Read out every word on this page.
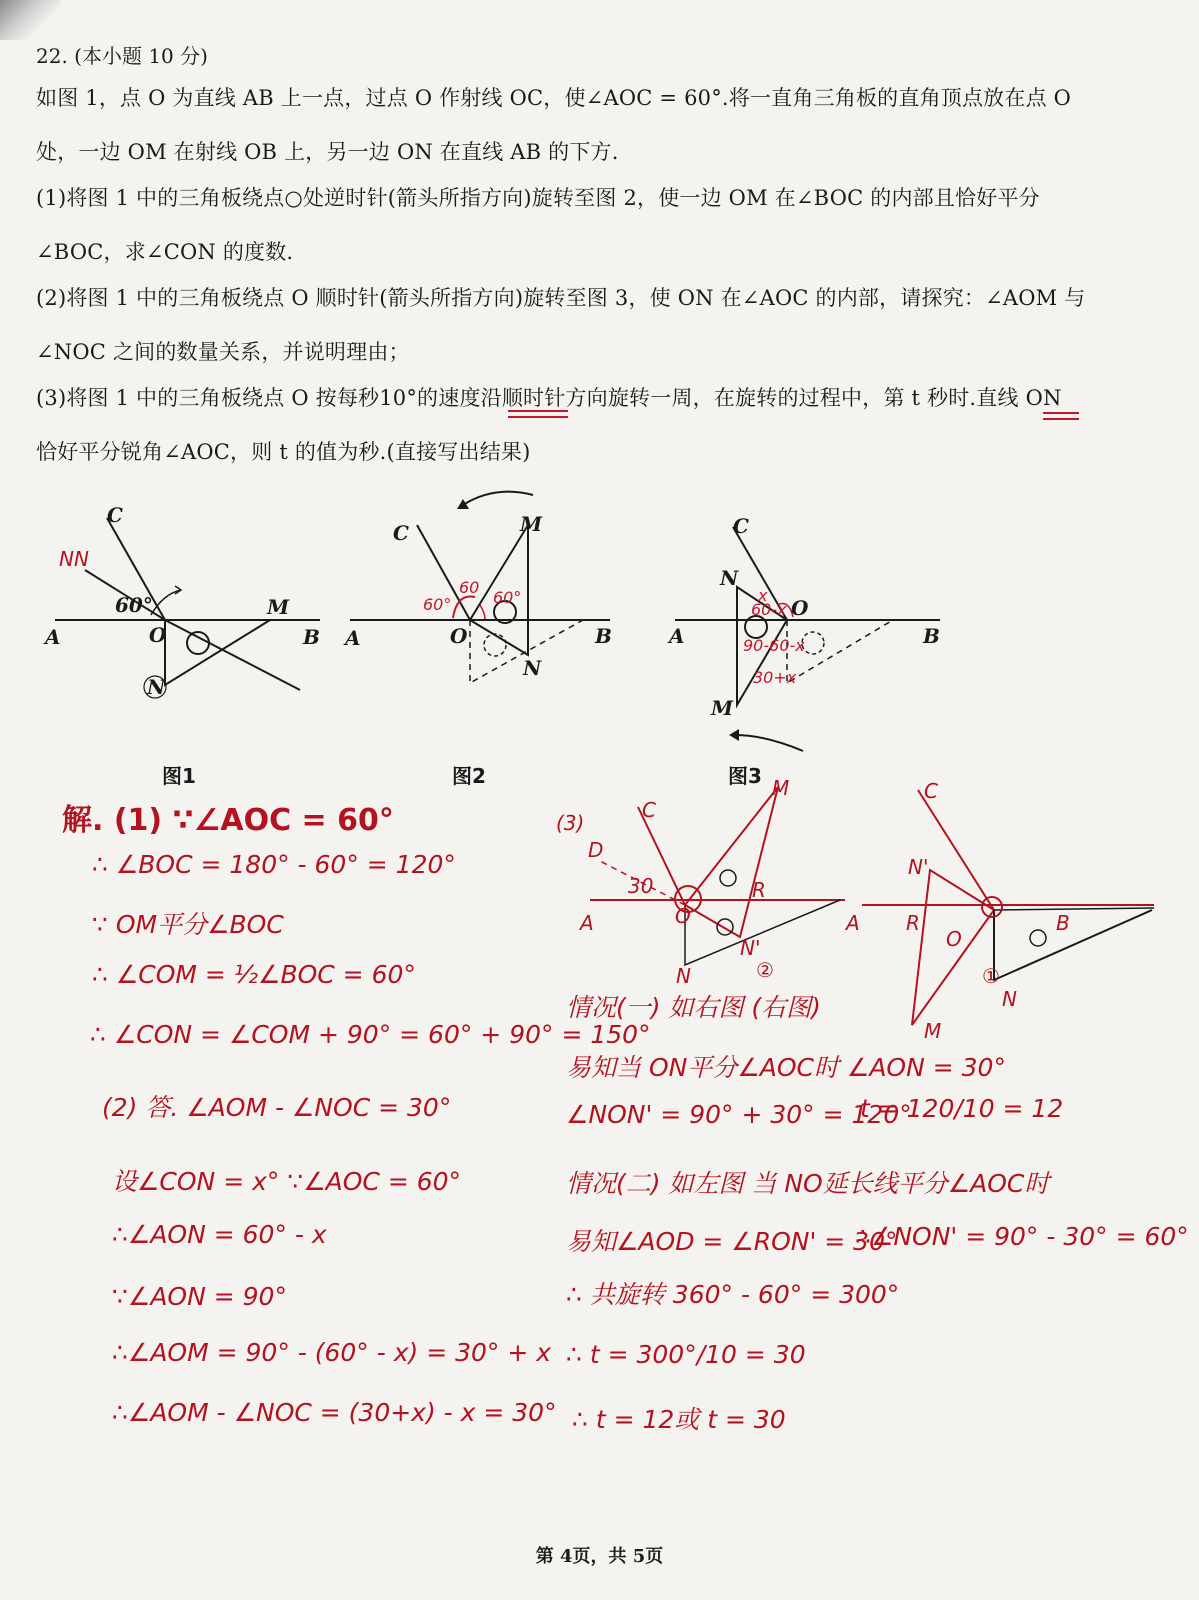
22. (本小题 10 分)
如图 1，点 O 为直线 AB 上一点，过点 O 作射线 OC，使∠AOC = 60°.将一直角三角板的直角顶点放在点 O
处，一边 OM 在射线 OB 上，另一边 ON 在直线 AB 的下方.
(1)将图 1 中的三角板绕点○处逆时针(箭头所指方向)旋转至图 2，使一边 OM 在∠BOC 的内部且恰好平分
∠BOC，求∠CON 的度数.
(2)将图 1 中的三角板绕点 O 顺时针(箭头所指方向)旋转至图 3，使 ON 在∠AOC 的内部，请探究：∠AOM 与
∠NOC 之间的数量关系，并说明理由；
(3)将图 1 中的三角板绕点 O 按每秒10°的速度沿顺时针方向旋转一周，在旋转的过程中，第 t 秒时.直线 ON
恰好平分锐角∠AOC，则 t 的值为秒.(直接写出结果)
C
NN
60°
A	O
M
B
N
C	M
60°
60
60°
A	O	B
N
C
N
x
60-x O
A	B
90-60-x
30+x
M
图1	图2	图3
解. (1) ∵∠AOC = 60°
∴ ∠BOC = 180° - 60° = 120°
∵ OM平分∠BOC
∴ ∠COM = ½∠BOC = 60°
∴ ∠CON = ∠COM + 90° = 60° + 90° = 150°
(2) 答. ∠AOM - ∠NOC = 30°
设∠CON = x° ∵∠AOC = 60°
∴∠AON = 60° - x
∵∠AON = 90°
∴∠AOM = 90° - (60° - x) = 30° + x
∴∠AOM - ∠NOC = (30+x) - x = 30°
(3)
C
M
D
30
A	O
R
N
N'
②
C
N'
R
A
O
B
①
N
M
情况(一) 如右图 (右图)
易知当 ON平分∠AOC时 ∠AON = 30°
∠NON' = 90° + 30° = 120°
t = 120/10 = 12
情况(二) 如左图 当 NO延长线平分∠AOC时
易知∠AOD = ∠RON' = 30°
∴∠NON' = 90° - 30° = 60°
∴ 共旋转 360° - 60° = 300°
∴ t = 300°/10 = 30
∴ t = 12或 t = 30
第 4页，共 5页
